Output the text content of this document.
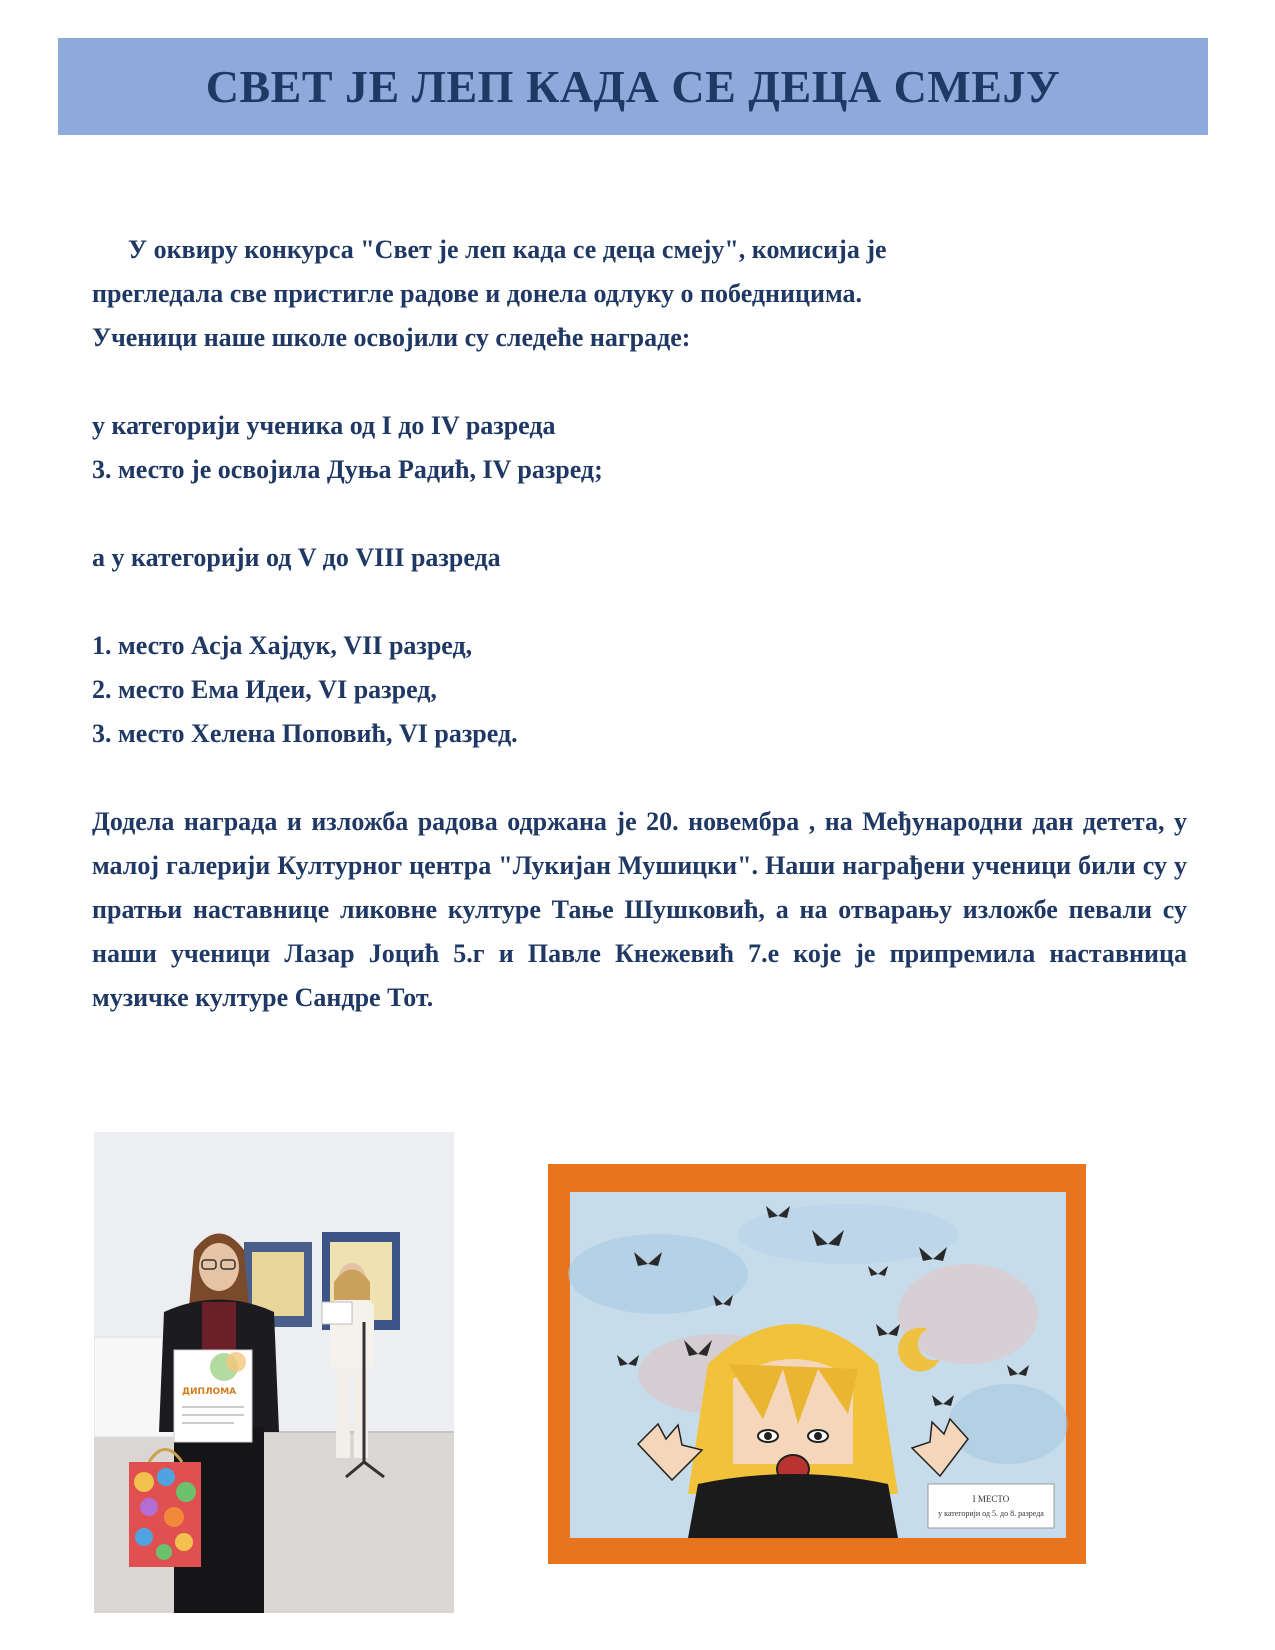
СВЕТ ЈЕ ЛЕП КАДА СЕ ДЕЦА СМЕЈУ

У оквиру конкурса "Свет је леп када се деца смеју", комисија је

прегледала све пристигле радове и донела одлуку о победницима.

Ученици наше школе освојили су следеће награде:

у категорији ученика од I до IV разреда

3. место је освојила Дуња Радић, IV разред;

а у категорији од V до VIII разреда

1. место Асја Хајдук, VII разред,

2. место Ема Идеи, VI разред,

3. место Хелена Поповић, VI разред.

Додела награда и изложба радова одржана је 20. новембра , на Међународни дан детета, у малој галерији Културног центра "Лукијан Мушицки". Наши награђени ученици били су у пратњи наставнице ликовне културе Тање Шушковић, а на отварању изложбе певали су наши ученици Лазар Јоцић 5.г и Павле Кнежевић 7.е које је припремила наставница музичке културе Сандре Тот.

ДИПЛОМА
I МЕСТО
у категорији од 5. до 8. разреда
